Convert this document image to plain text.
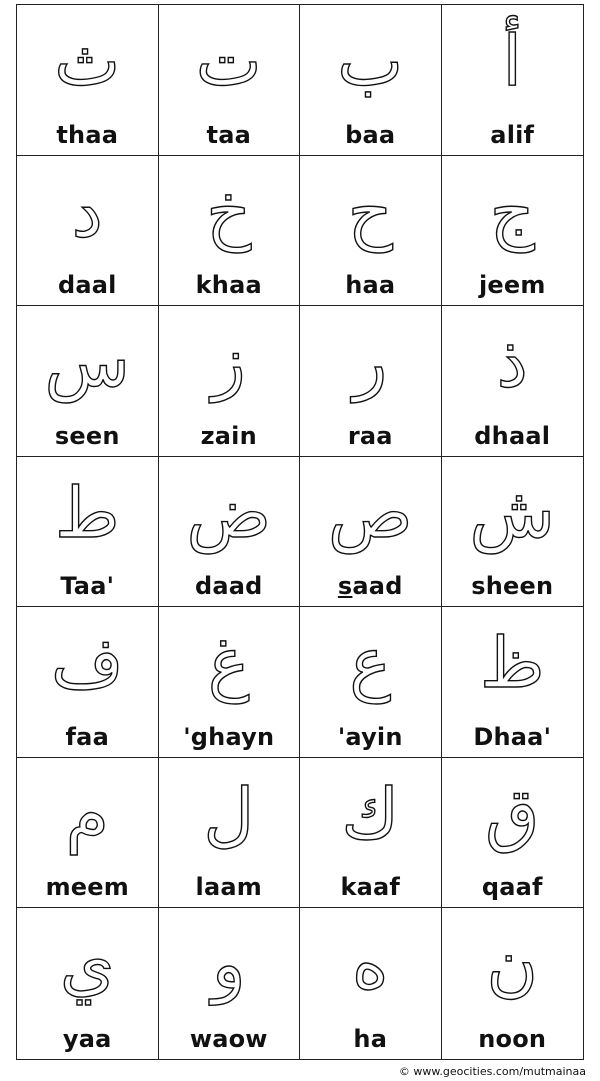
ث
thaa
ت
taa
ب
baa
أ
alif
د
daal
خ
khaa
ح
haa
ج
jeem
س
seen
ز
zain
ر
raa
ذ
dhaal
ط
Taa'
ض
daad
ص
saad
ش
sheen
ف
faa
غ
'ghayn
ع
'ayin
ظ
Dhaa'
م
meem
ل
laam
ك
kaaf
ق
qaaf
ي
yaa
و
waow
ه
ha
ن
noon
© www.geocities.com/mutmainaa
